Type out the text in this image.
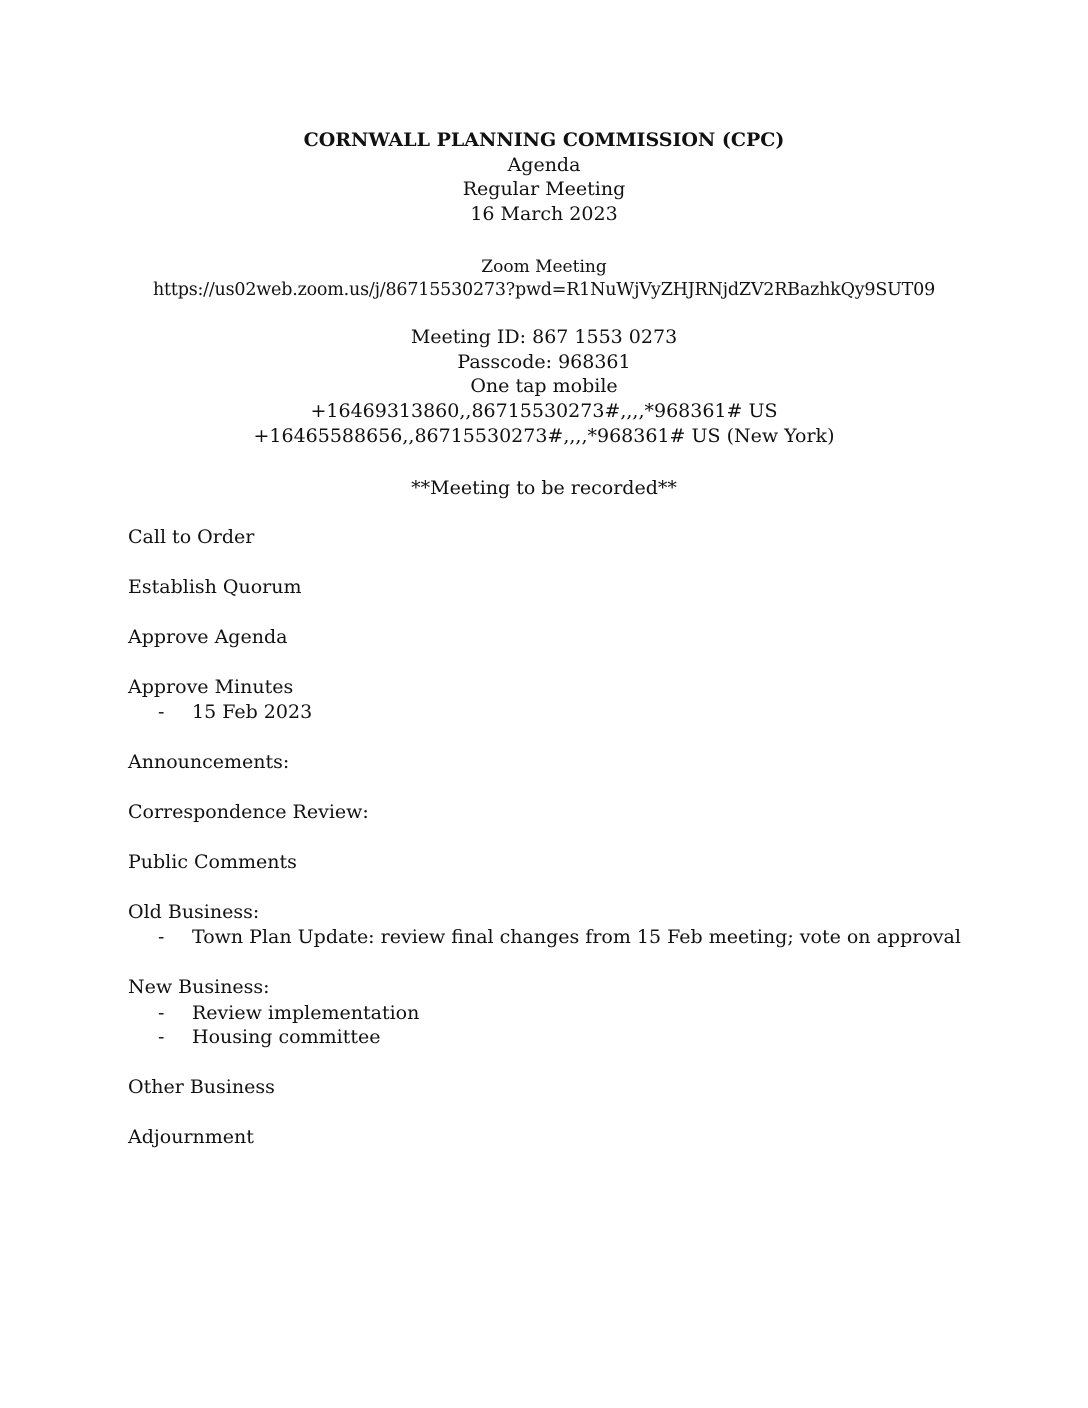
CORNWALL PLANNING COMMISSION (CPC)
Agenda
Regular Meeting
16 March 2023
Zoom Meeting
https://us02web.zoom.us/j/86715530273?pwd=R1NuWjVyZHJRNjdZV2RBazhkQy9SUT09
Meeting ID: 867 1553 0273
Passcode: 968361
One tap mobile
+16469313860,,86715530273#,,,,*968361# US
+16465588656,,86715530273#,,,,*968361# US (New York)
**Meeting to be recorded**
Call to Order
Establish Quorum
Approve Agenda
Approve Minutes
- 15 Feb 2023
Announcements:
Correspondence Review:
Public Comments
Old Business:
- Town Plan Update: review final changes from 15 Feb meeting; vote on approval
New Business:
- Review implementation
- Housing committee
Other Business
Adjournment
